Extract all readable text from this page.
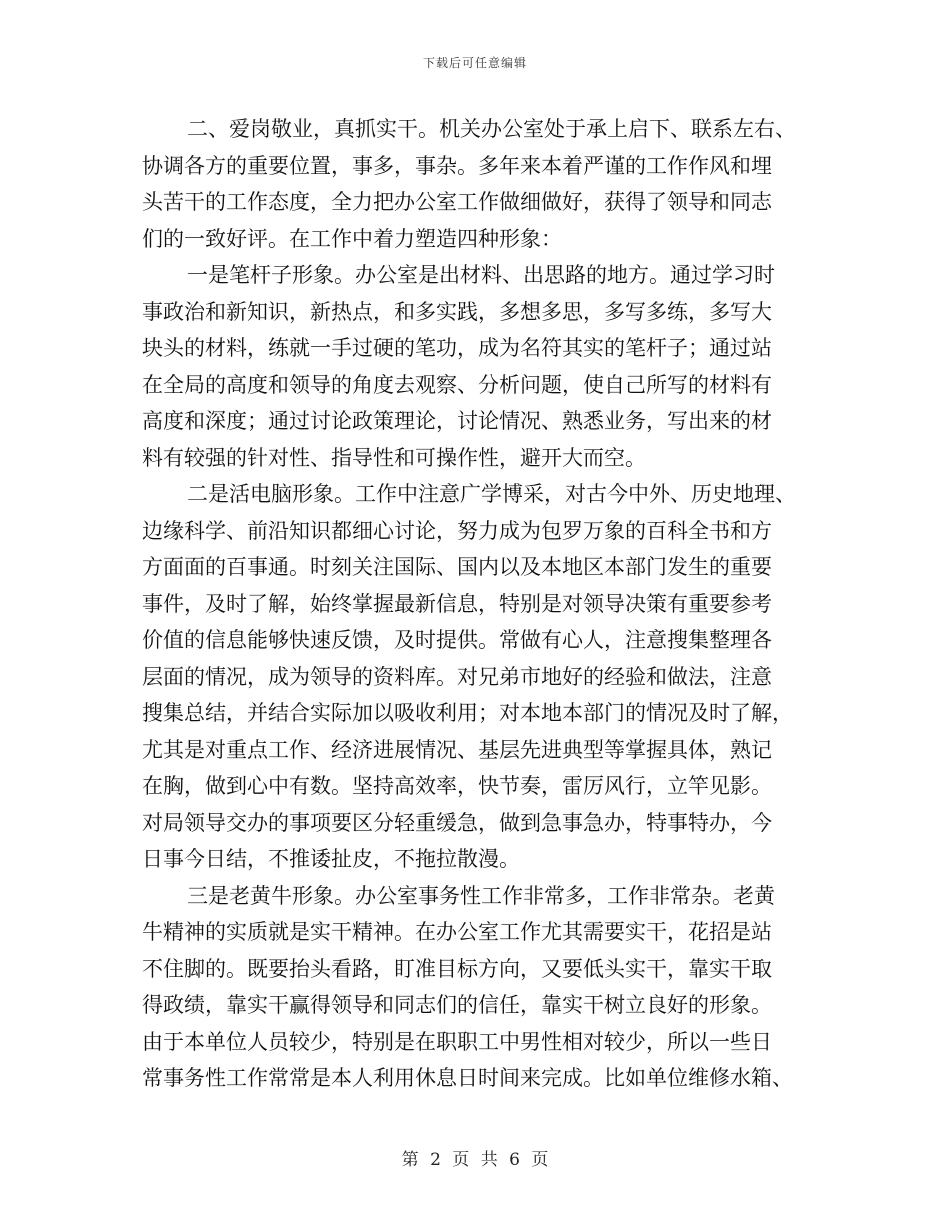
下载后可任意编辑
二、爱岗敬业，真抓实干。机关办公室处于承上启下、联系左右、
协调各方的重要位置，事多，事杂。多年来本着严谨的工作作风和埋
头苦干的工作态度，全力把办公室工作做细做好，获得了领导和同志
们的一致好评。在工作中着力塑造四种形象：
一是笔杆子形象。办公室是出材料、出思路的地方。通过学习时
事政治和新知识，新热点，和多实践，多想多思，多写多练，多写大
块头的材料，练就一手过硬的笔功，成为名符其实的笔杆子；通过站
在全局的高度和领导的角度去观察、分析问题，使自己所写的材料有
高度和深度；通过讨论政策理论，讨论情况、熟悉业务，写出来的材
料有较强的针对性、指导性和可操作性，避开大而空。
二是活电脑形象。工作中注意广学博采，对古今中外、历史地理、
边缘科学、前沿知识都细心讨论，努力成为包罗万象的百科全书和方
方面面的百事通。时刻关注国际、国内以及本地区本部门发生的重要
事件，及时了解，始终掌握最新信息，特别是对领导决策有重要参考
价值的信息能够快速反馈，及时提供。常做有心人，注意搜集整理各
层面的情况，成为领导的资料库。对兄弟市地好的经验和做法，注意
搜集总结，并结合实际加以吸收利用；对本地本部门的情况及时了解，
尤其是对重点工作、经济进展情况、基层先进典型等掌握具体，熟记
在胸，做到心中有数。坚持高效率，快节奏，雷厉风行，立竿见影。
对局领导交办的事项要区分轻重缓急，做到急事急办，特事特办，今
日事今日结，不推诿扯皮，不拖拉散漫。
三是老黄牛形象。办公室事务性工作非常多，工作非常杂。老黄
牛精神的实质就是实干精神。在办公室工作尤其需要实干，花招是站
不住脚的。既要抬头看路，盯准目标方向，又要低头实干，靠实干取
得政绩，靠实干赢得领导和同志们的信任，靠实干树立良好的形象。
由于本单位人员较少，特别是在职职工中男性相对较少，所以一些日
常事务性工作常常是本人利用休息日时间来完成。比如单位维修水箱、
第 2 页 共 6 页
